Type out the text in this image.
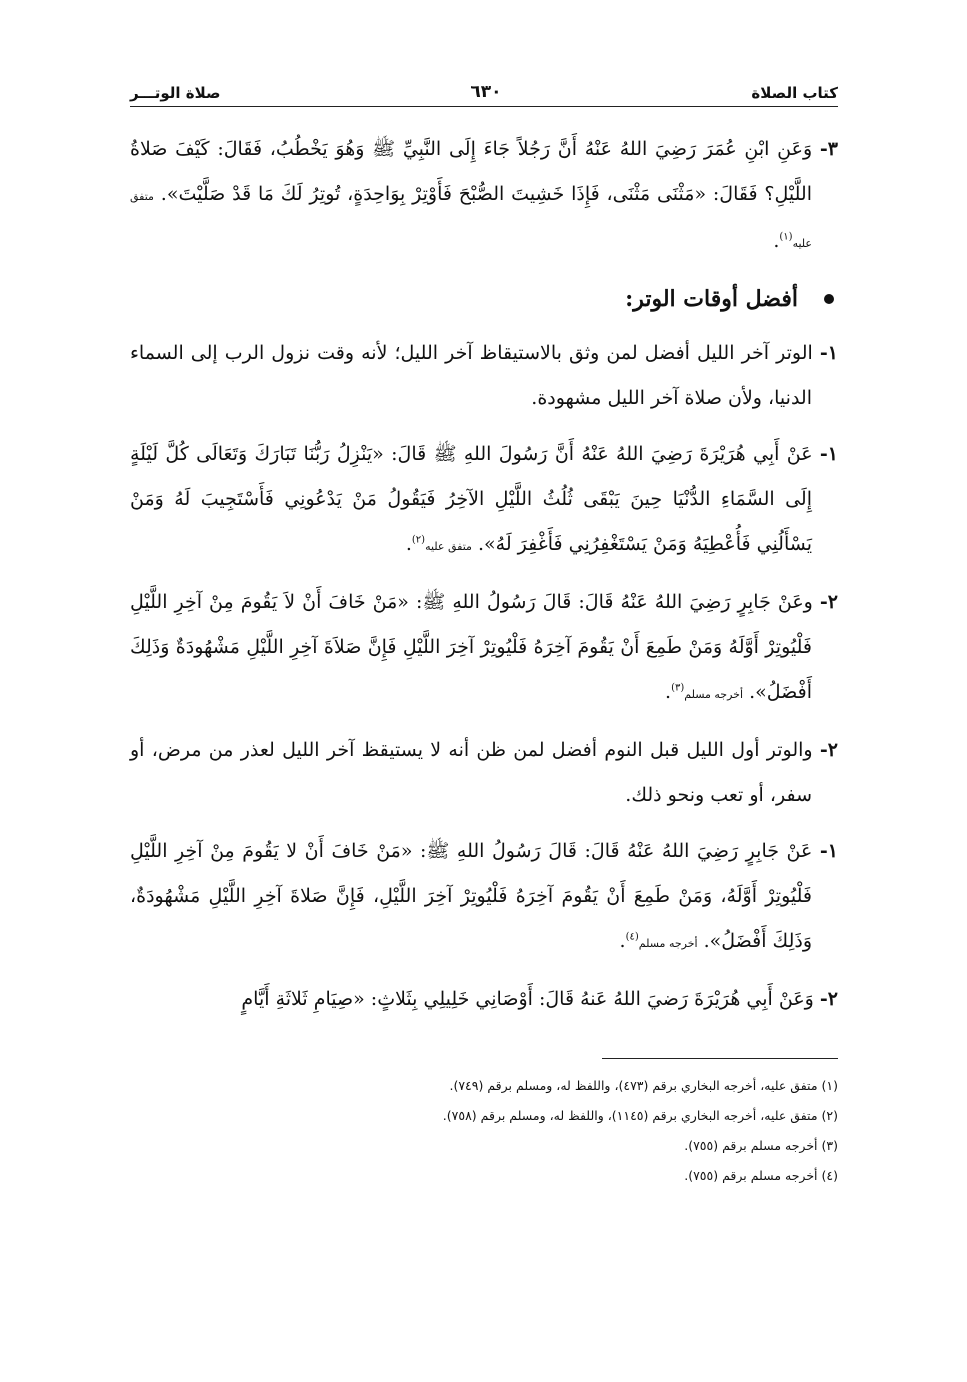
كتاب الصلاة
٦٣٠
صلاة الوتـــر

٣- وَعَنِ ابْنِ عُمَرَ رَضِيَ اللهُ عَنْهُ أَنَّ رَجُلاً جَاءَ إِلَى النَّبِيِّ ﷺ وَهُوَ يَخْطُبُ، فَقَالَ: كَيْفَ صَلاةُ اللَّيْلِ؟ فَقَالَ: «مَثْنَى مَثْنَى، فَإِذَا خَشِيتَ الصُّبْحَ فَأَوْتِرْ بِوَاحِدَةٍ، تُوتِرُ لَكَ مَا قَدْ صَلَّيْتَ». متفق عليه$^{(١)}$.

أفضل أوقات الوتر:

١- الوتر آخر الليل أفضل لمن وثق بالاستيقاظ آخر الليل؛ لأنه وقت نزول الرب إلى السماء الدنيا، ولأن صلاة آخر الليل مشهودة.

١- عَنْ أَبِي هُرَيْرَةَ رَضِيَ اللهُ عَنْهُ أَنَّ رَسُولَ اللهِ ﷺ قَالَ: «يَنْزِلُ رَبُّنَا تَبَارَكَ وَتَعَالَى كُلَّ لَيْلَةٍ إِلَى السَّمَاءِ الدُّنْيَا حِينَ يَبْقَى ثُلُثُ اللَّيْلِ الآخِرُ فَيَقُولُ مَنْ يَدْعُونِي فَأَسْتَجِيبَ لَهُ وَمَنْ يَسْأَلُنِي فَأُعْطِيَهُ وَمَنْ يَسْتَغْفِرُنِي فَأَغْفِرَ لَهُ». متفق عليه$^{(٢)}$.

٢- وعَنْ جَابِرٍ رَضِيَ اللهُ عَنْهُ قَالَ: قَالَ رَسُولُ اللهِ ﷺ: «مَنْ خَافَ أَنْ لاَ يَقُومَ مِنْ آخِرِ اللَّيْلِ فَلْيُوتِرْ أَوَّلَهُ وَمَنْ طَمِعَ أَنْ يَقُومَ آخِرَهُ فَلْيُوتِرْ آخِرَ اللَّيْلِ فَإِنَّ صَلاَةَ آخِرِ اللَّيْلِ مَشْهُودَةٌ وَذَلِكَ أَفْضَلُ». أخرجه مسلم$^{(٣)}$.

٢- والوتر أول الليل قبل النوم أفضل لمن ظن أنه لا يستيقظ آخر الليل لعذر من مرض، أو سفر، أو تعب ونحو ذلك.

١- عَنْ جَابِرٍ رَضِيَ اللهُ عَنْهُ قَالَ: قَالَ رَسُولُ اللهِ ﷺ: «مَنْ خَافَ أَنْ لا يَقُومَ مِنْ آخِرِ اللَّيْلِ فَلْيُوتِرْ أَوَّلَهُ، وَمَنْ طَمِعَ أَنْ يَقُومَ آخِرَهُ فَلْيُوتِرْ آخِرَ اللَّيْلِ، فَإِنَّ صَلاةَ آخِرِ اللَّيْلِ مَشْهُودَةٌ، وَذَلِكَ أَفْضَلُ». أخرجه مسلم$^{(٤)}$.

٢- وَعَنْ أَبِي هُرَيْرَةَ رَضيَ اللهُ عَنهُ قَالَ: أَوْصَانِي خَلِيلِي بِثَلاثٍ: «صِيَامِ ثَلاثَةِ أَيَّامٍ

(١) متفق عليه، أخرجه البخاري برقم (٤٧٣)، واللفظ له، ومسلم برقم (٧٤٩).
(٢) متفق عليه، أخرجه البخاري برقم (١١٤٥)، واللفظ له، ومسلم برقم (٧٥٨).
(٣) أخرجه مسلم برقم (٧٥٥).
(٤) أخرجه مسلم برقم (٧٥٥).
